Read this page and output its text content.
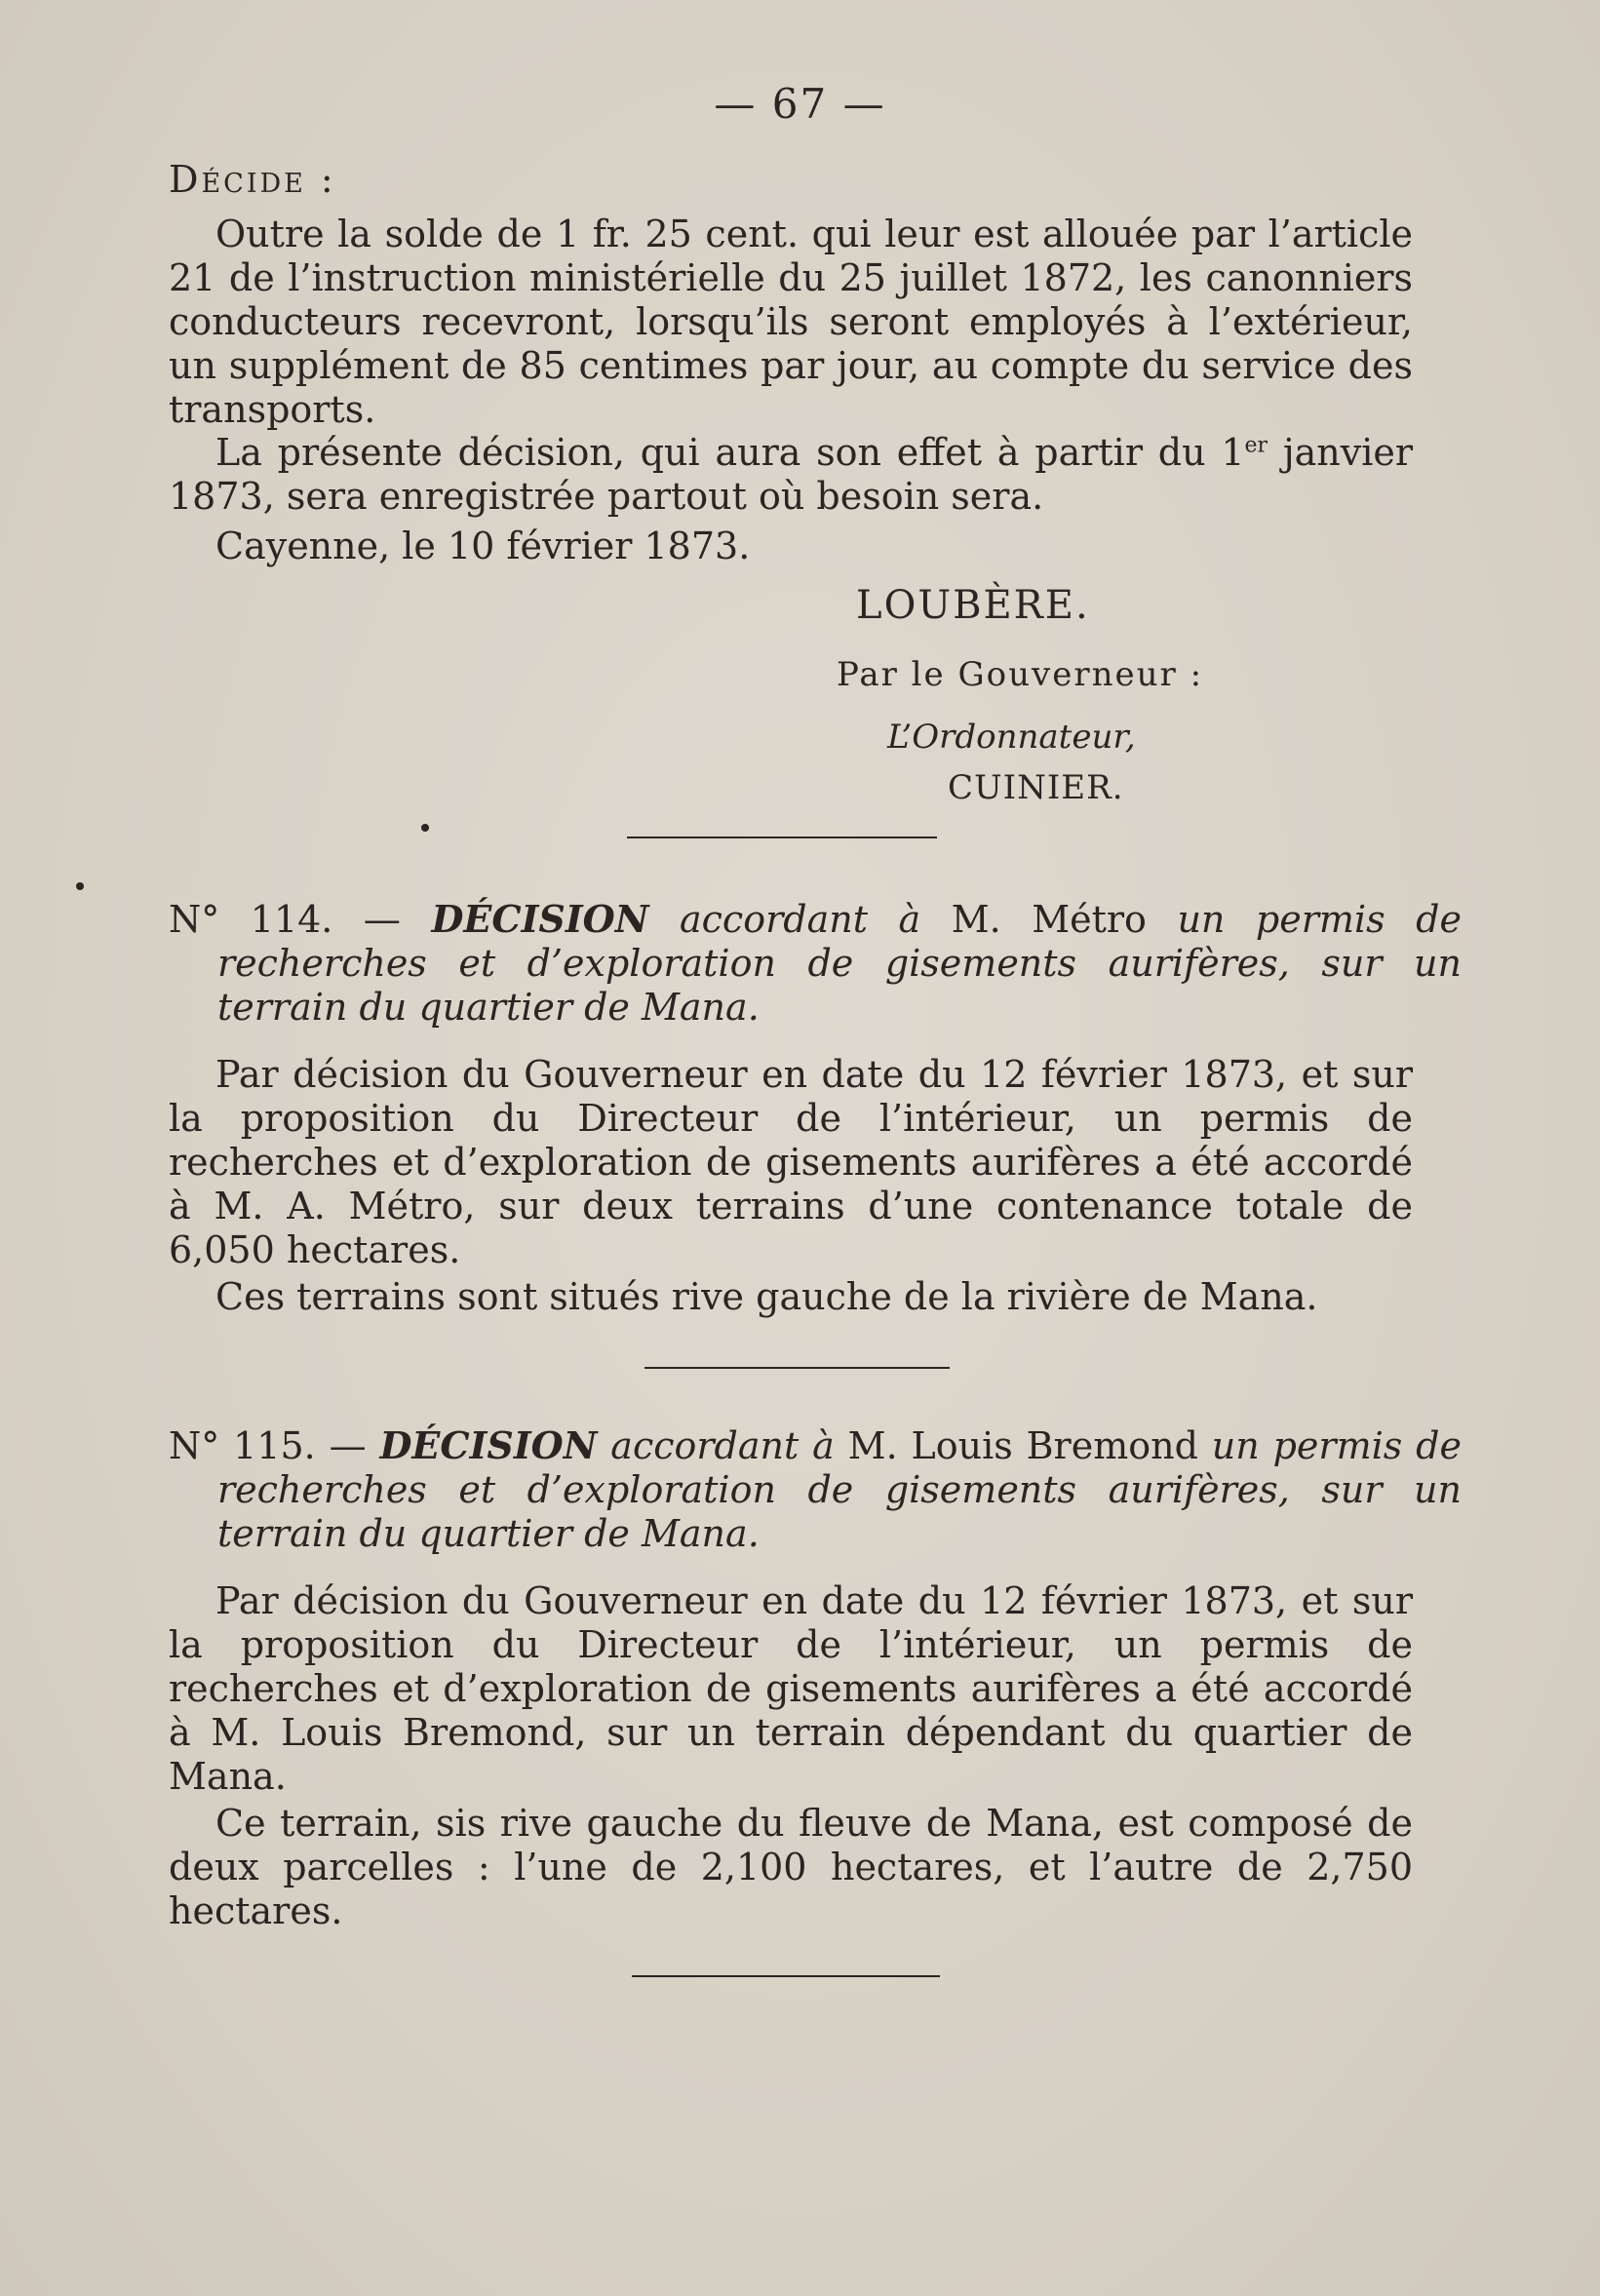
— 67 —
Décide :
Outre la solde de 1 fr. 25 cent. qui leur est allouée par l’article 21 de l’instruction ministérielle du 25 juillet 1872, les canonniers conducteurs recevront, lorsqu’ils seront employés à l’extérieur, un supplément de 85 centimes par jour, au compte du service des transports.
La présente décision, qui aura son effet à partir du 1er janvier 1873, sera enregistrée partout où besoin sera.
Cayenne, le 10 février 1873.
LOUBÈRE.
Par le Gouverneur :
L’Ordonnateur,
CUINIER.
N° 114. — DÉCISION accordant à M. Métro un permis de recherches et d’exploration de gisements aurifères, sur un terrain du quartier de Mana.
Par décision du Gouverneur en date du 12 février 1873, et sur la proposition du Directeur de l’intérieur, un permis de recherches et d’exploration de gisements aurifères a été accordé à M. A. Métro, sur deux terrains d’une contenance totale de 6,050 hectares.
Ces terrains sont situés rive gauche de la rivière de Mana.
N° 115. — DÉCISION accordant à M. Louis Bremond un permis de recherches et d’exploration de gisements aurifères, sur un terrain du quartier de Mana.
Par décision du Gouverneur en date du 12 février 1873, et sur la proposition du Directeur de l’intérieur, un permis de recherches et d’exploration de gisements aurifères a été accordé à M. Louis Bremond, sur un terrain dépendant du quartier de Mana.
Ce terrain, sis rive gauche du fleuve de Mana, est composé de deux parcelles : l’une de 2,100 hectares, et l’autre de 2,750 hectares.
